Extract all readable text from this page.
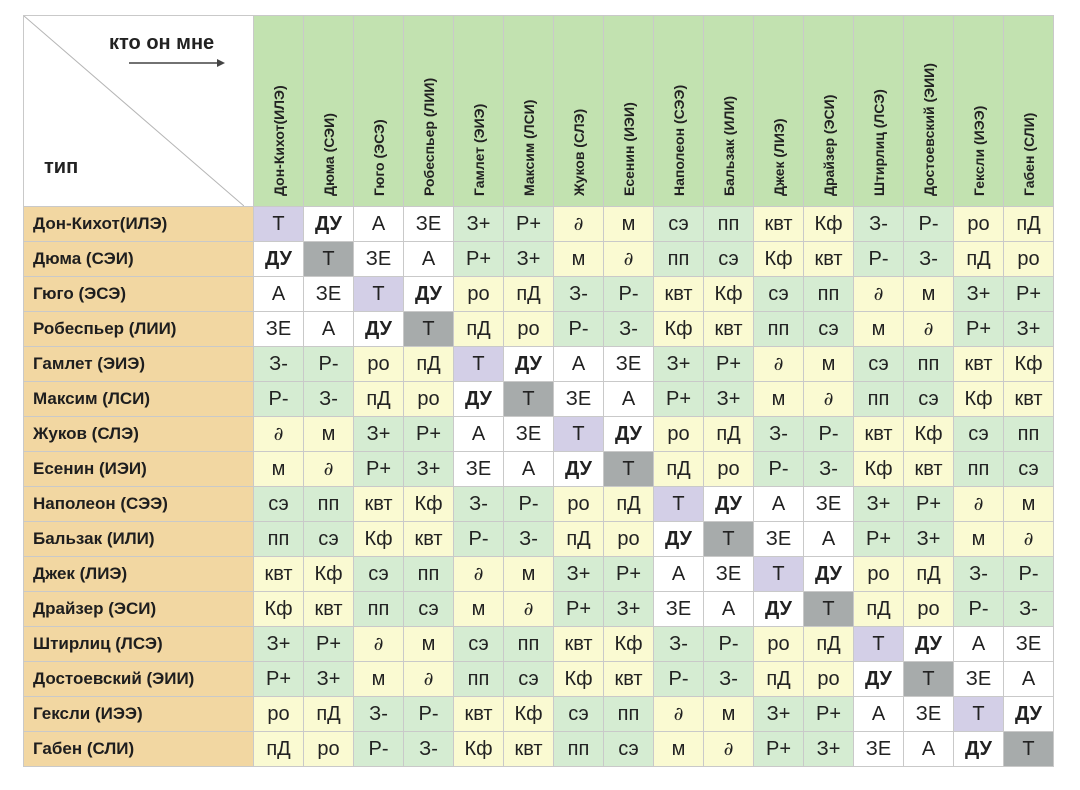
кто он мне
тип	Дон-Кихот(ИЛЭ)	Дюма (СЭИ)	Гюго (ЭСЭ)	Робеспьер (ЛИИ)	Гамлет (ЭИЭ)	Максим (ЛСИ)	Жуков (СЛЭ)	Есенин (ИЭИ)	Наполеон (СЭЭ)	Бальзак (ИЛИ)	Джек (ЛИЭ)	Драйзер (ЭСИ)	Штирлиц (ЛСЭ)	Достоевский (ЭИИ)	Гексли (ИЭЭ)	Габен (СЛИ)

Дон-Кихот(ИЛЭ)	Т	ДУ	А	ЗЕ	З+	Р+	∂	м	сэ	пп	квт	Кф	З-	Р-	ро	пД
Дюма (СЭИ)	ДУ	Т	ЗЕ	А	Р+	З+	м	∂	пп	сэ	Кф	квт	Р-	З-	пД	ро
Гюго (ЭСЭ)	А	ЗЕ	Т	ДУ	ро	пД	З-	Р-	квт	Кф	сэ	пп	∂	м	З+	Р+
Робеспьер (ЛИИ)	ЗЕ	А	ДУ	Т	пД	ро	Р-	З-	Кф	квт	пп	сэ	м	∂	Р+	З+
Гамлет (ЭИЭ)	З-	Р-	ро	пД	Т	ДУ	А	ЗЕ	З+	Р+	∂	м	сэ	пп	квт	Кф
Максим (ЛСИ)	Р-	З-	пД	ро	ДУ	Т	ЗЕ	А	Р+	З+	м	∂	пп	сэ	Кф	квт
Жуков (СЛЭ)	∂	м	З+	Р+	А	ЗЕ	Т	ДУ	ро	пД	З-	Р-	квт	Кф	сэ	пп
Есенин (ИЭИ)	м	∂	Р+	З+	ЗЕ	А	ДУ	Т	пД	ро	Р-	З-	Кф	квт	пп	сэ
Наполеон (СЭЭ)	сэ	пп	квт	Кф	З-	Р-	ро	пД	Т	ДУ	А	ЗЕ	З+	Р+	∂	м
Бальзак (ИЛИ)	пп	сэ	Кф	квт	Р-	З-	пД	ро	ДУ	Т	ЗЕ	А	Р+	З+	м	∂
Джек (ЛИЭ)	квт	Кф	сэ	пп	∂	м	З+	Р+	А	ЗЕ	Т	ДУ	ро	пД	З-	Р-
Драйзер (ЭСИ)	Кф	квт	пп	сэ	м	∂	Р+	З+	ЗЕ	А	ДУ	Т	пД	ро	Р-	З-
Штирлиц (ЛСЭ)	З+	Р+	∂	м	сэ	пп	квт	Кф	З-	Р-	ро	пД	Т	ДУ	А	ЗЕ
Достоевский (ЭИИ)	Р+	З+	м	∂	пп	сэ	Кф	квт	Р-	З-	пД	ро	ДУ	Т	ЗЕ	А
Гексли (ИЭЭ)	ро	пД	З-	Р-	квт	Кф	сэ	пп	∂	м	З+	Р+	А	ЗЕ	Т	ДУ
Габен (СЛИ)	пД	ро	Р-	З-	Кф	квт	пп	сэ	м	∂	Р+	З+	ЗЕ	А	ДУ	Т
